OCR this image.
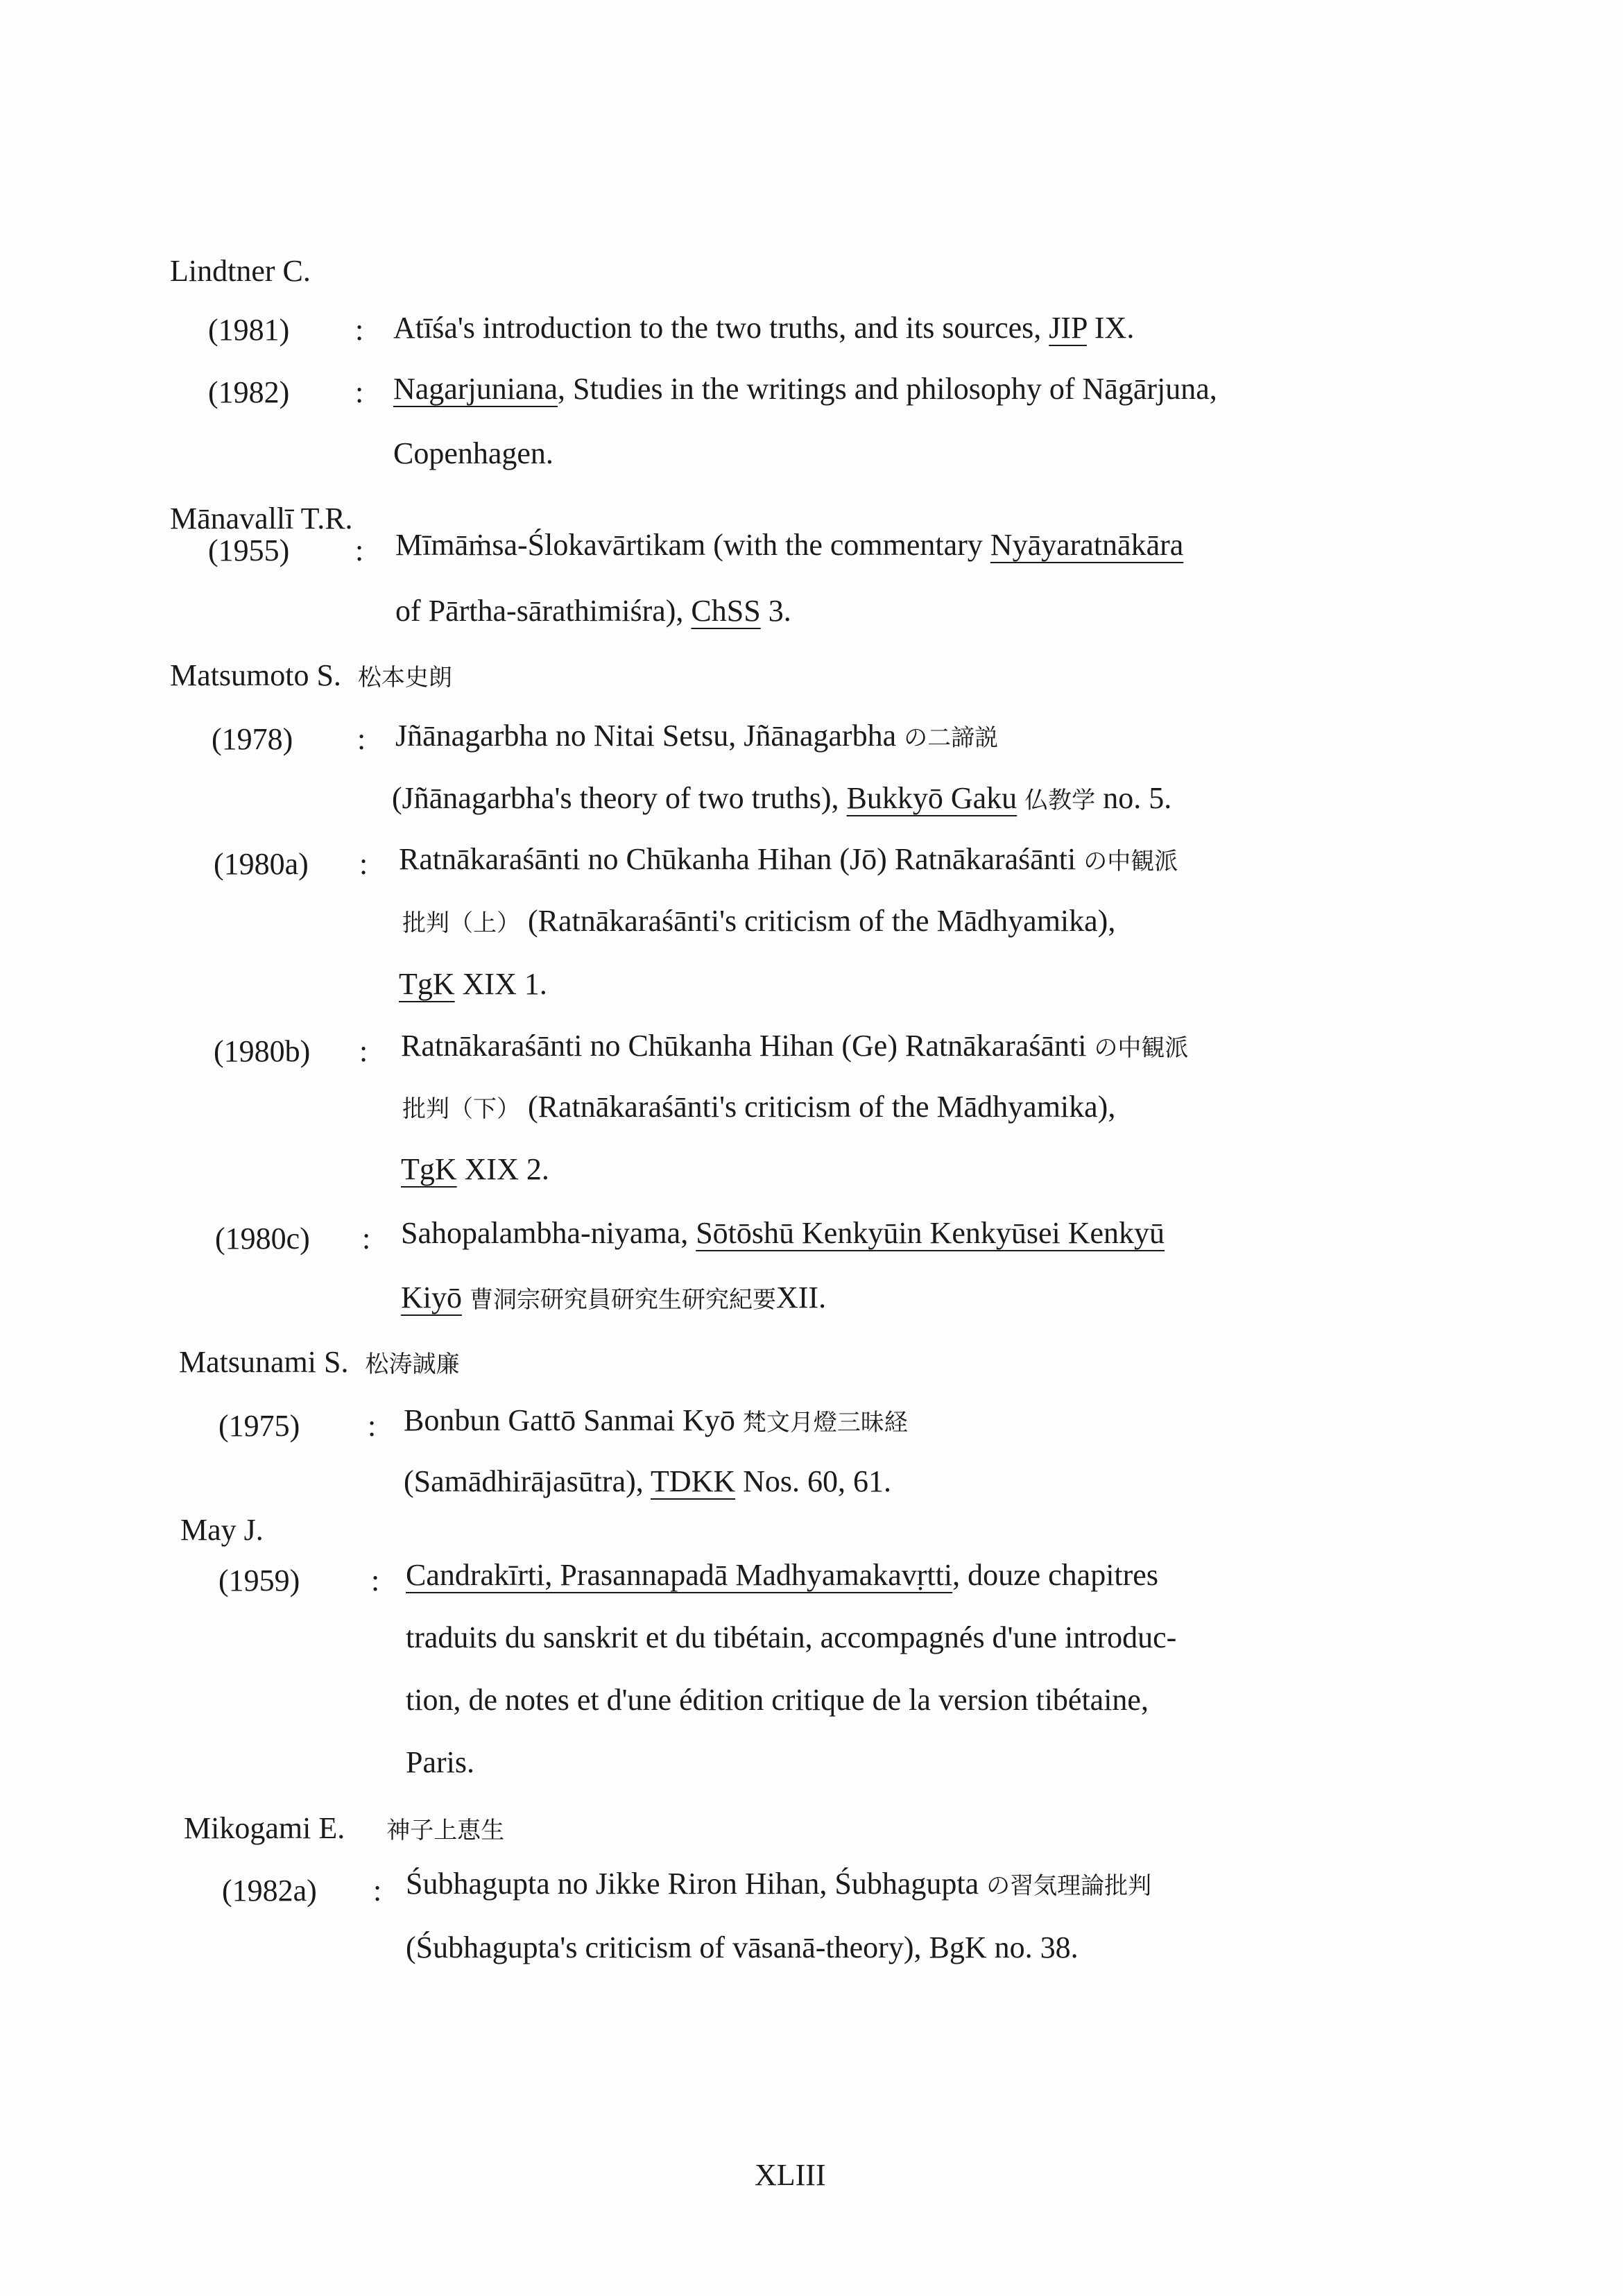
Lindtner C.
(1981) : Atīśa's introduction to the two truths, and its sources, JIP IX.
(1982) : Nagarjuniana, Studies in the writings and philosophy of Nāgārjuna,
Copenhagen.
Mānavallī T.R.
(1955) : Mīmāṁsa-Ślokavārtikam (with the commentary Nyāyaratnākāra
of Pārtha-sārathimiśra), ChSS 3.
Matsumoto S. 松本史朗
(1978) : Jñānagarbha no Nitai Setsu, Jñānagarbha の二諦説
(Jñānagarbha's theory of two truths), Bukkyō Gaku 仏教学 no. 5.
(1980a) : Ratnākaraśānti no Chūkanha Hihan (Jō) Ratnākaraśānti の中観派
批判（上） (Ratnākaraśānti's criticism of the Mādhyamika),
TgK XIX 1.
(1980b) : Ratnākaraśānti no Chūkanha Hihan (Ge) Ratnākaraśānti の中観派
批判（下） (Ratnākaraśānti's criticism of the Mādhyamika),
TgK XIX 2.
(1980c) : Sahopalambha-niyama, Sōtōshū Kenkyūin Kenkyūsei Kenkyū
Kiyō 曹洞宗研究員研究生研究紀要XII.
Matsunami S. 松涛誠廉
(1975) : Bonbun Gattō Sanmai Kyō 梵文月燈三昧経
(Samādhirājasūtra), TDKK Nos. 60, 61.
May J.
(1959) : Candrakīrti, Prasannapadā Madhyamakavṛtti, douze chapitres
traduits du sanskrit et du tibétain, accompagnés d'une introduc-
tion, de notes et d'une édition critique de la version tibétaine,
Paris.
Mikogami E. 神子上恵生
(1982a) : Śubhagupta no Jikke Riron Hihan, Śubhagupta の習気理論批判
(Śubhagupta's criticism of vāsanā-theory), BgK no. 38.
XLIII
